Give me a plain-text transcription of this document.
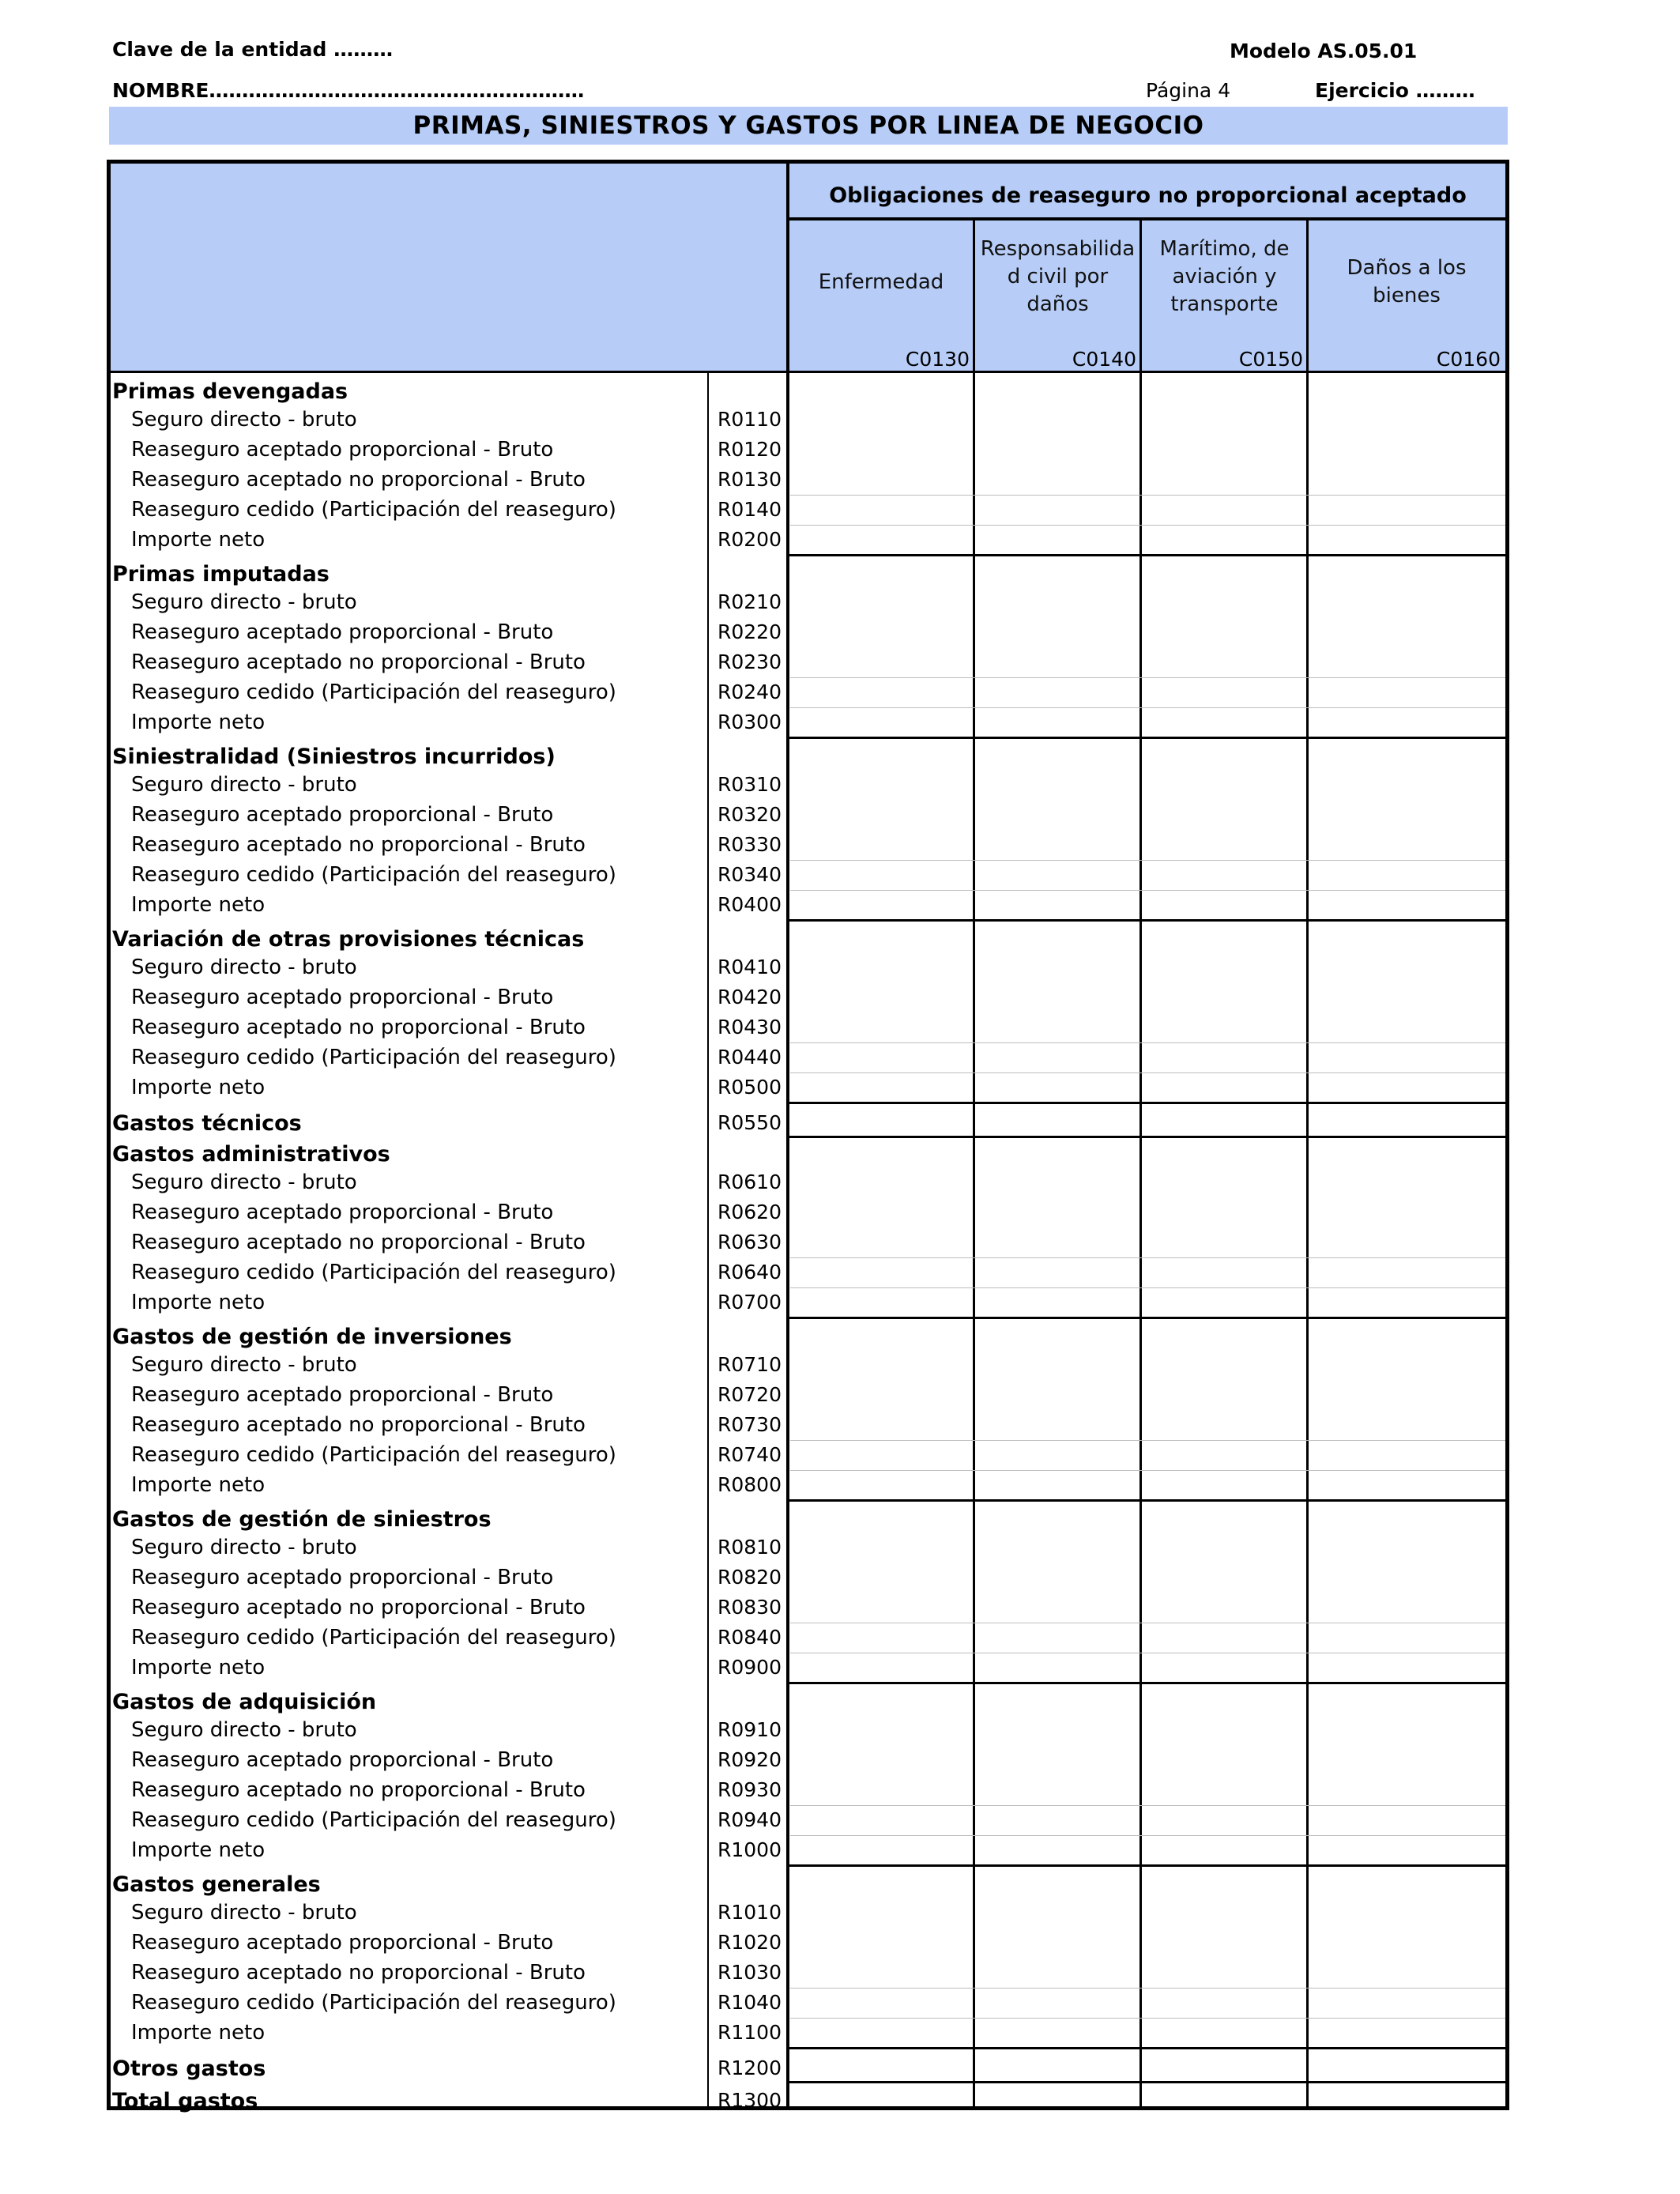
Clave de la entidad ………	Modelo AS.05.01
NOMBRE…………………………………………………	Página 4	Ejercicio ………
PRIMAS, SINIESTROS Y GASTOS POR LINEA DE NEGOCIO
Obligaciones de reaseguro no proporcional aceptado
Enfermedad
C0130
Responsabilida d civil por daños
C0140
Marítimo, de aviación y transporte
C0150
Daños a los bienes
C0160
Primas devengadas
Seguro directo - bruto	R0110
Reaseguro aceptado proporcional - Bruto	R0120
Reaseguro aceptado no proporcional - Bruto	R0130
Reaseguro cedido (Participación del reaseguro)	R0140
Importe neto	R0200
Primas imputadas
Seguro directo - bruto	R0210
Reaseguro aceptado proporcional - Bruto	R0220
Reaseguro aceptado no proporcional - Bruto	R0230
Reaseguro cedido (Participación del reaseguro)	R0240
Importe neto	R0300
Siniestralidad (Siniestros incurridos)
Seguro directo - bruto	R0310
Reaseguro aceptado proporcional - Bruto	R0320
Reaseguro aceptado no proporcional - Bruto	R0330
Reaseguro cedido (Participación del reaseguro)	R0340
Importe neto	R0400
Variación de otras provisiones técnicas
Seguro directo - bruto	R0410
Reaseguro aceptado proporcional - Bruto	R0420
Reaseguro aceptado no proporcional - Bruto	R0430
Reaseguro cedido (Participación del reaseguro)	R0440
Importe neto	R0500
Gastos técnicos	R0550
Gastos administrativos
Seguro directo - bruto	R0610
Reaseguro aceptado proporcional - Bruto	R0620
Reaseguro aceptado no proporcional - Bruto	R0630
Reaseguro cedido (Participación del reaseguro)	R0640
Importe neto	R0700
Gastos de gestión de inversiones
Seguro directo - bruto	R0710
Reaseguro aceptado proporcional - Bruto	R0720
Reaseguro aceptado no proporcional - Bruto	R0730
Reaseguro cedido (Participación del reaseguro)	R0740
Importe neto	R0800
Gastos de gestión de siniestros
Seguro directo - bruto	R0810
Reaseguro aceptado proporcional - Bruto	R0820
Reaseguro aceptado no proporcional - Bruto	R0830
Reaseguro cedido (Participación del reaseguro)	R0840
Importe neto	R0900
Gastos de adquisición
Seguro directo - bruto	R0910
Reaseguro aceptado proporcional - Bruto	R0920
Reaseguro aceptado no proporcional - Bruto	R0930
Reaseguro cedido (Participación del reaseguro)	R0940
Importe neto	R1000
Gastos generales
Seguro directo - bruto	R1010
Reaseguro aceptado proporcional - Bruto	R1020
Reaseguro aceptado no proporcional - Bruto	R1030
Reaseguro cedido (Participación del reaseguro)	R1040
Importe neto	R1100
Otros gastos	R1200
Total gastos	R1300
